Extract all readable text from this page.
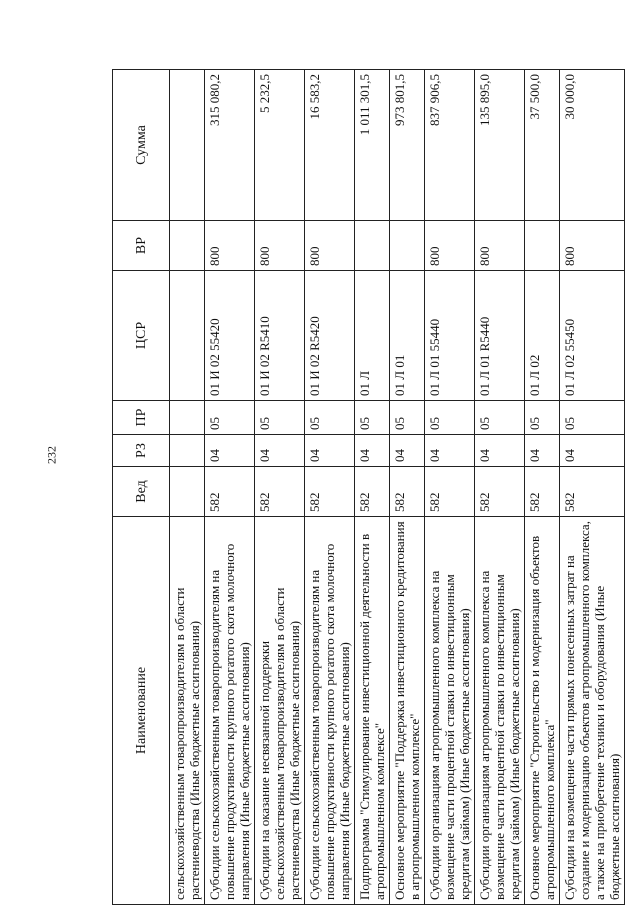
232
Наименование	Вед	РЗ	ПР	ЦСР	ВР	Сумма
сельскохозяйственным товаропроизводителям в области растениеводства (Иные бюджетные ассигнования)						
Субсидии сельскохозяйственным товаропроизводителям на повышение продуктивности крупного рогатого скота молочного направления (Иные бюджетные ассигнования)	582	04	05	01 И 02 55420	800	315 080,2
Субсидии на оказание несвязанной поддержки сельскохозяйственным товаропроизводителям в области растениеводства (Иные бюджетные ассигнования)	582	04	05	01 И 02 R5410	800	5 232,5
Субсидии сельскохозяйственным товаропроизводителям на повышение продуктивности крупного рогатого скота молочного направления (Иные бюджетные ассигнования)	582	04	05	01 И 02 R5420	800	16 583,2
Подпрограмма "Стимулирование инвестиционной деятельности в агропромышленном комплексе"	582	04	05	01 Л		1 011 301,5
Основное мероприятие "Поддержка инвестиционного кредитования в агропромышленном комплексе"	582	04	05	01 Л 01		973 801,5
Субсидии организациям агропромышленного комплекса на возмещение части процентной ставки по инвестиционным кредитам (займам) (Иные бюджетные ассигнования)	582	04	05	01 Л 01 55440	800	837 906,5
Субсидии организациям агропромышленного комплекса на возмещение части процентной ставки по инвестиционным кредитам (займам) (Иные бюджетные ассигнования)	582	04	05	01 Л 01 R5440	800	135 895,0
Основное мероприятие "Строительство и модернизация объектов агропромышленного комплекса"	582	04	05	01 Л 02		37 500,0
Субсидии на возмещение части прямых понесенных затрат на создание и модернизацию объектов агропромышленного комплекса, а также на приобретение техники и оборудования (Иные бюджетные ассигнования)	582	04	05	01 Л 02 55450	800	30 000,0
